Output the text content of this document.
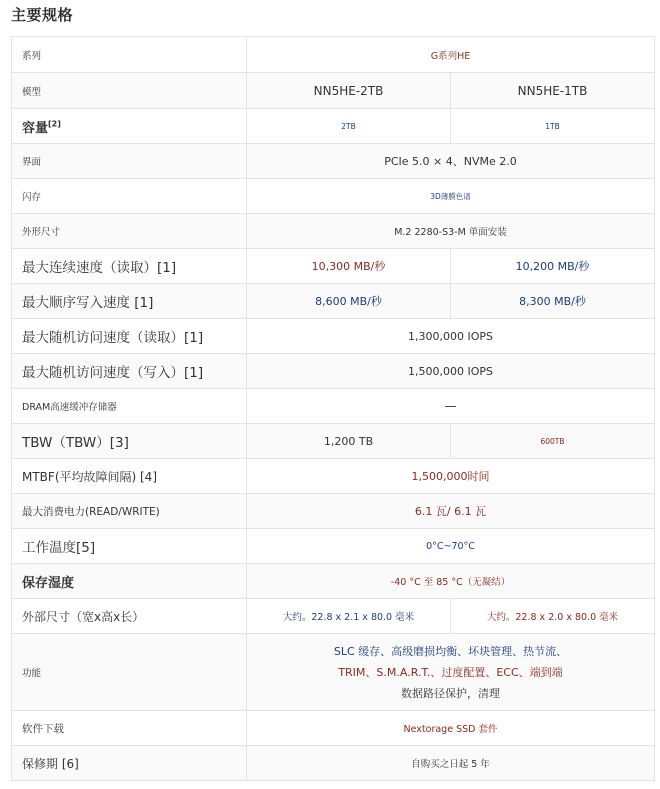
主要规格
系列	G系列HE	
模型	NN5HE-2TB	NN5HE-1TB
容量[2]	2TB	1TB
界面	PCIe 5.0 × 4、NVMe 2.0	
闪存	3D薄膜色谱	
外形尺寸	M.2 2280-S3-M 单面安装	
最大连续速度（读取）[1]	10,300 MB/秒	10,200 MB/秒
最大顺序写入速度 [1]	8,600 MB/秒	8,300 MB/秒
最大随机访问速度（读取）[1]	1,300,000 IOPS	
最大随机访问速度（写入）[1]	1,500,000 IOPS	
DRAM高速缓冲存储器	—	
TBW（TBW）[3]	1,200 TB	600TB
MTBF(平均故障间隔) [4]	1,500,000时间	
最大消费电力(READ/WRITE)	6.1 瓦/ 6.1 瓦	
工作温度[5]	0°C~70°C	
保存湿度	-40 °C 至 85 °C（无凝结）	
外部尺寸（宽x高x长）	大约。22.8 x 2.1 x 80.0 毫米	大约。22.8 x 2.0 x 80.0 毫米
功能	SLC 缓存、高级磨损均衡、坏块管理、热节流、
TRIM、S.M.A.R.T.、过度配置、ECC、端到端
数据路径保护，清理	

软件下载	Nextorage SSD 套件	
保修期 [6]	自购买之日起 5 年	
